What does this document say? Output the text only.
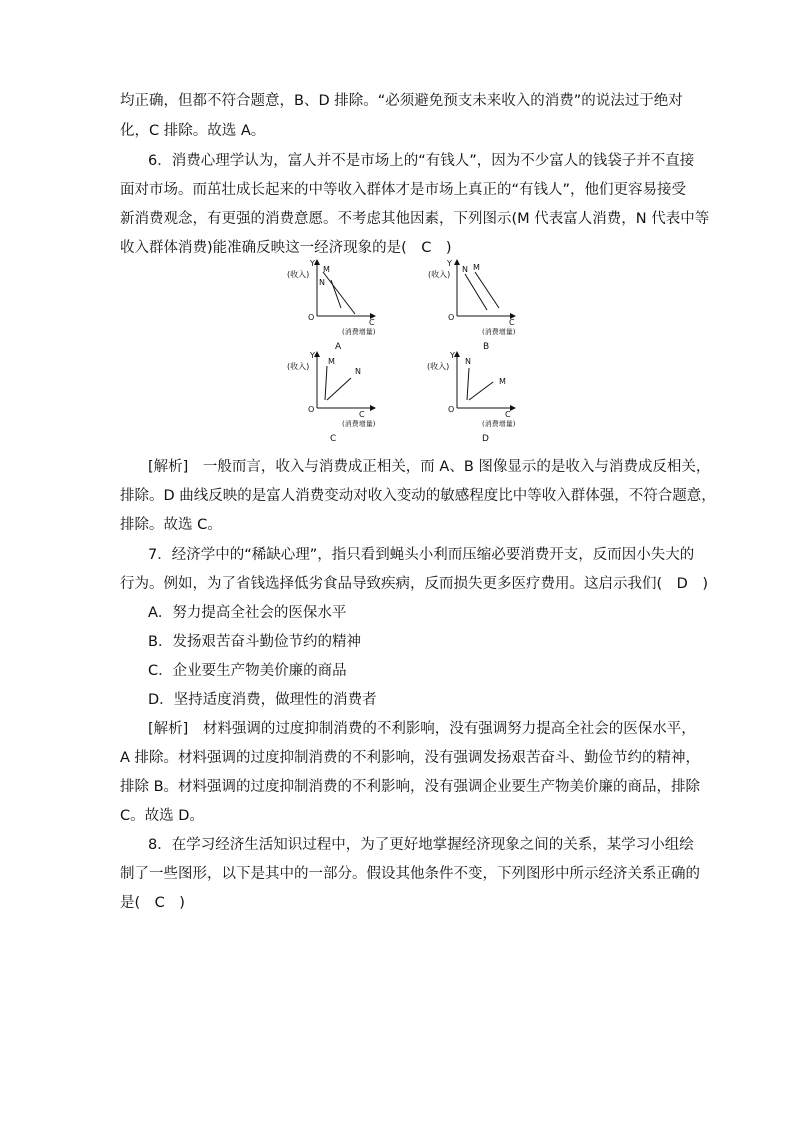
均正确，但都不符合题意，B、D 排除。“必须避免预支未来收入的消费”的说法过于绝对
化，C 排除。故选 A。
6．消费心理学认为，富人并不是市场上的“有钱人”，因为不少富人的钱袋子并不直接
面对市场。而茁壮成长起来的中等收入群体才是市场上真正的“有钱人”，他们更容易接受
新消费观念，有更强的消费意愿。不考虑其他因素，下列图示(M 代表富人消费，N 代表中等
收入群体消费)能准确反映这一经济现象的是(　C　)
[解析]　一般而言，收入与消费成正相关，而 A、B 图像显示的是收入与消费成反相关，
排除。D 曲线反映的是富人消费变动对收入变动的敏感程度比中等收入群体强，不符合题意，
排除。故选 C。
7．经济学中的“稀缺心理”，指只看到蝇头小利而压缩必要消费开支，反而因小失大的
行为。例如，为了省钱选择低劣食品导致疾病，反而损失更多医疗费用。这启示我们(　D　)
A．努力提高全社会的医保水平
B．发扬艰苦奋斗勤俭节约的精神
C．企业要生产物美价廉的商品
D．坚持适度消费，做理性的消费者
[解析]　材料强调的过度抑制消费的不利影响，没有强调努力提高全社会的医保水平，
A 排除。材料强调的过度抑制消费的不利影响，没有强调发扬艰苦奋斗、勤俭节约的精神，
排除 B。材料强调的过度抑制消费的不利影响，没有强调企业要生产物美价廉的商品，排除
C。故选 D。
8．在学习经济生活知识过程中，为了更好地掌握经济现象之间的关系，某学习小组绘
制了一些图形，以下是其中的一部分。假设其他条件不变，下列图形中所示经济关系正确的
是(　C　)
Y
(收入)
O
C
(消费增量)
M
N
A
Y
(收入)
O
C
(消费增量)
N M
B
Y
(收入)
O
C
(消费增量)
M
N
C
Y
(收入)
O
C
(消费增量)
N
M
D
